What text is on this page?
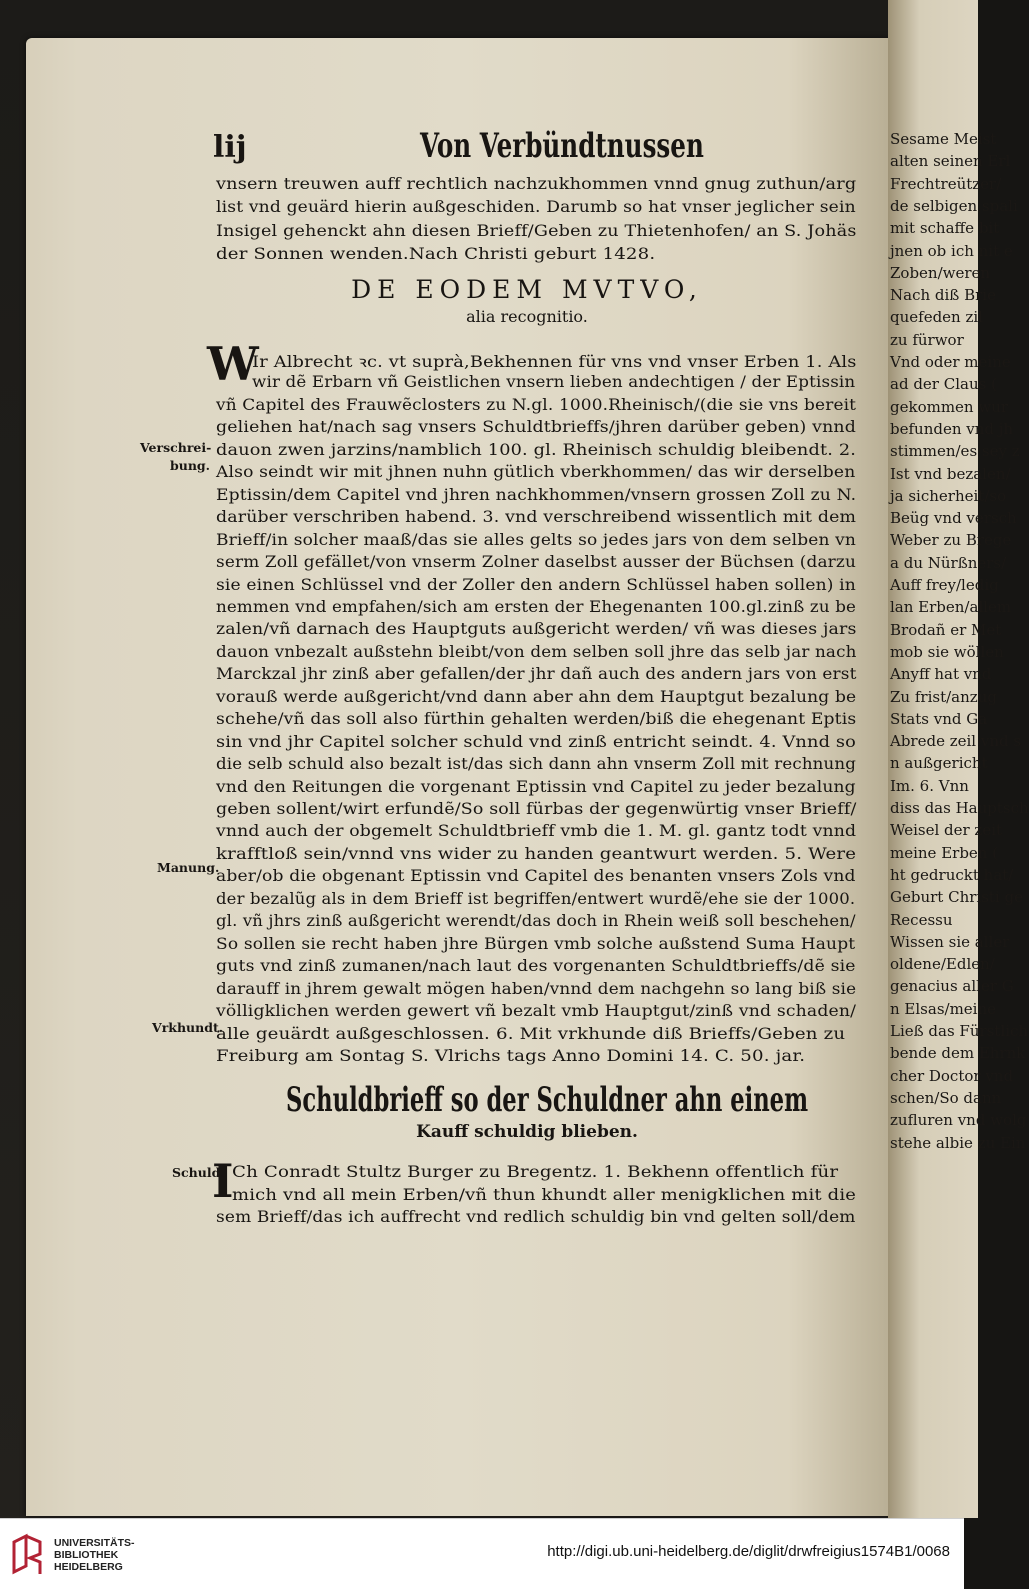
Sesame Meist
alten seinen Erl
Frechtreützer/
de selbigen spali
mit schaffe bit
jnen ob ich nit e
Zoben/weren
Nach diß Brie
quefeden zil
zu fürwor
Vnd oder meine
ad der Claus (
gekommen wur
befunden vnd jh
stimmen/es sey z
Ist vnd bezalen/
ja sicherheit/so
Beüg vnd versch
Weber zu Brege
a du Nürßners/
Auff frey/ledig
lan Erben/allem
Brodañ er Met
mob sie wöllen
Anyff hat vnd
Zu frist/anzug
Stats vnd Ga
Abrede zeil vnd s
n außgericht
Im. 6. Vnn
diss das Hauptsch
Weisel der zeit
meine Erben (
ht gedruckt hat/
Geburt Christi ge
Recessu
Wissen sie aller
oldene/Edlen/
genacius aller G
n Elsas/meine
Ließ das Fürstlich
bende dem Ehrnk
cher Doctor vnd
schen/So dann
zufluren vnd wolg
stehe albie zu Ein
lij	Von Verbündtnussen
DE EODEM MVTVO,
alia recognitio.
W
Schuldbrieff so der Schuldner ahn einem
Kauff schuldig blieben.
I
Verschrei-
bung.
Manung.
Vrkhundt.
Schuld.
vnsern treuwen auff rechtlich nachzukhommen vnnd gnug zuthun/arg
list vnd geuärd hierin außgeschiden. Darumb so hat vnser jeglicher sein
Insigel gehenckt ahn diesen Brieff/Geben zu Thietenhofen/ an S. Johäs
der Sonnen wenden.Nach Christi geburt 1428.
Ir Albrecht ꝛc. vt suprà,Bekhennen für vns vnd vnser Erben 1. Als
wir dẽ Erbarn vñ Geistlichen vnsern lieben andechtigen / der Eptissin
vñ Capitel des Frauwẽclosters zu N.gl. 1000.Rheinisch/(die sie vns bereit
geliehen hat/nach sag vnsers Schuldtbrieffs/jhren darüber geben) vnnd
dauon zwen jarzins/namblich 100. gl. Rheinisch schuldig bleibendt. 2.
Also seindt wir mit jhnen nuhn gütlich vberkhommen/ das wir derselben
Eptissin/dem Capitel vnd jhren nachkhommen/vnsern grossen Zoll zu N.
darüber verschriben habend. 3. vnd verschreibend wissentlich mit dem
Brieff/in solcher maaß/das sie alles gelts so jedes jars von dem selben vn
serm Zoll gefället/von vnserm Zolner daselbst ausser der Büchsen (darzu
sie einen Schlüssel vnd der Zoller den andern Schlüssel haben sollen) in
nemmen vnd empfahen/sich am ersten der Ehegenanten 100.gl.zinß zu be
zalen/vñ darnach des Hauptguts außgericht werden/ vñ was dieses jars
dauon vnbezalt außstehn bleibt/von dem selben soll jhre das selb jar nach
Marckzal jhr zinß aber gefallen/der jhr dañ auch des andern jars von erst
vorauß werde außgericht/vnd dann aber ahn dem Hauptgut bezalung be
schehe/vñ das soll also fürthin gehalten werden/biß die ehegenant Eptis
sin vnd jhr Capitel solcher schuld vnd zinß entricht seindt. 4. Vnnd so
die selb schuld also bezalt ist/das sich dann ahn vnserm Zoll mit rechnung
vnd den Reitungen die vorgenant Eptissin vnd Capitel zu jeder bezalung
geben sollent/wirt erfundẽ/So soll fürbas der gegenwürtig vnser Brieff/
vnnd auch der obgemelt Schuldtbrieff vmb die 1. M. gl. gantz todt vnnd
krafftloß sein/vnnd vns wider zu handen geantwurt werden. 5. Were
aber/ob die obgenant Eptissin vnd Capitel des benanten vnsers Zols vnd
der bezalũg als in dem Brieff ist begriffen/entwert wurdẽ/ehe sie der 1000.
gl. vñ jhrs zinß außgericht werendt/das doch in Rhein weiß soll beschehen/
So sollen sie recht haben jhre Bürgen vmb solche außstend Suma Haupt
guts vnd zinß zumanen/nach laut des vorgenanten Schuldtbrieffs/dẽ sie
darauff in jhrem gewalt mögen haben/vnnd dem nachgehn so lang biß sie
völligklichen werden gewert vñ bezalt vmb Hauptgut/zinß vnd schaden/
alle geuärdt außgeschlossen. 6. Mit vrkhunde diß Brieffs/Geben zu
Freiburg am Sontag S. Vlrichs tags Anno Domini 14. C. 50. jar.
Ch Conradt Stultz Burger zu Bregentz. 1. Bekhenn offentlich für
mich vnd all mein Erben/vñ thun khundt aller menigklichen mit die
sem Brieff/das ich auffrecht vnd redlich schuldig bin vnd gelten soll/dem
UNIVERSITÄTS-
BIBLIOTHEK
HEIDELBERG
http://digi.ub.uni-heidelberg.de/diglit/drwfreigius1574B1/0068
